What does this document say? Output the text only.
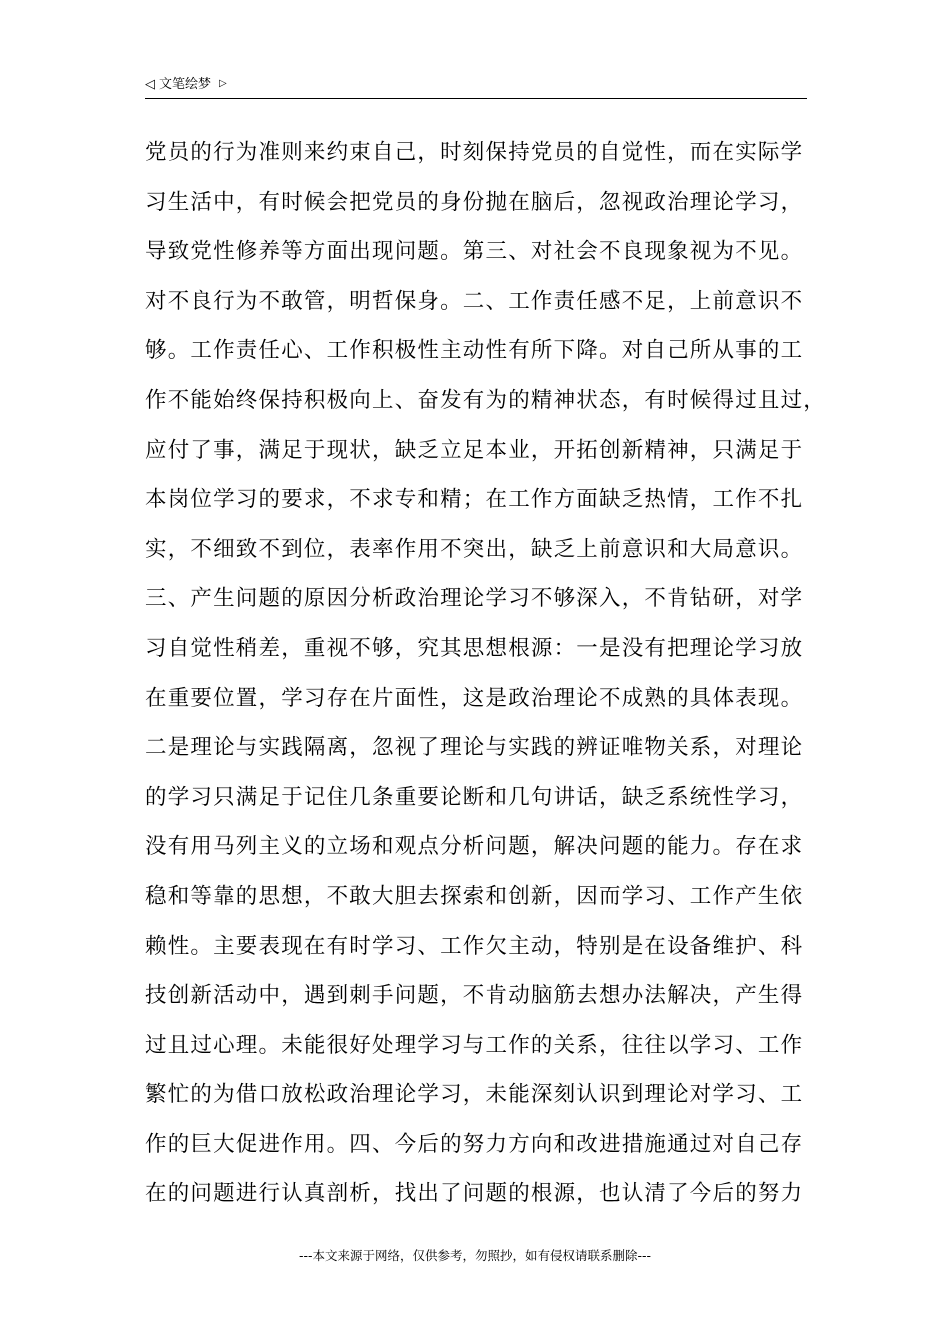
◁ 文笔绘梦 ▷
党员的行为准则来约束自己，时刻保持党员的自觉性，而在实际学
习生活中，有时候会把党员的身份抛在脑后，忽视政治理论学习，
导致党性修养等方面出现问题。第三、对社会不良现象视为不见。
对不良行为不敢管，明哲保身。二、工作责任感不足，上前意识不
够。工作责任心、工作积极性主动性有所下降。对自己所从事的工
作不能始终保持积极向上、奋发有为的精神状态，有时候得过且过，
应付了事，满足于现状，缺乏立足本业，开拓创新精神，只满足于
本岗位学习的要求，不求专和精；在工作方面缺乏热情，工作不扎
实，不细致不到位，表率作用不突出，缺乏上前意识和大局意识。
三、产生问题的原因分析政治理论学习不够深入，不肯钻研，对学
习自觉性稍差，重视不够，究其思想根源：一是没有把理论学习放
在重要位置，学习存在片面性，这是政治理论不成熟的具体表现。
二是理论与实践隔离，忽视了理论与实践的辨证唯物关系，对理论
的学习只满足于记住几条重要论断和几句讲话，缺乏系统性学习，
没有用马列主义的立场和观点分析问题，解决问题的能力。存在求
稳和等靠的思想，不敢大胆去探索和创新，因而学习、工作产生依
赖性。主要表现在有时学习、工作欠主动，特别是在设备维护、科
技创新活动中，遇到刺手问题，不肯动脑筋去想办法解决，产生得
过且过心理。未能很好处理学习与工作的关系，往往以学习、工作
繁忙的为借口放松政治理论学习，未能深刻认识到理论对学习、工
作的巨大促进作用。四、今后的努力方向和改进措施通过对自己存
在的问题进行认真剖析，找出了问题的根源，也认清了今后的努力
---本文来源于网络，仅供参考，勿照抄，如有侵权请联系删除---
